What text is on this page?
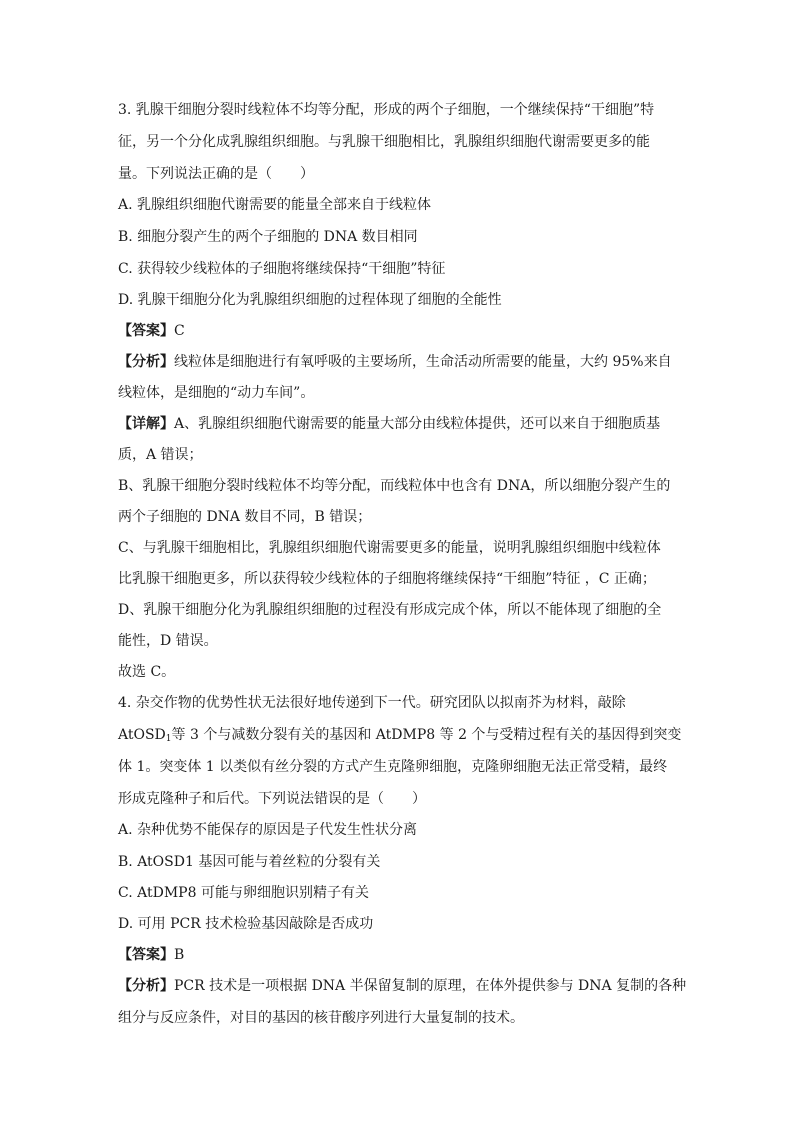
3. 乳腺干细胞分裂时线粒体不均等分配，形成的两个子细胞，一个继续保持“干细胞”特
征，另一个分化成乳腺组织细胞。与乳腺干细胞相比，乳腺组织细胞代谢需要更多的能
量。下列说法正确的是（　　）
A. 乳腺组织细胞代谢需要的能量全部来自于线粒体
B. 细胞分裂产生的两个子细胞的 DNA 数目相同
C. 获得较少线粒体的子细胞将继续保持“干细胞”特征
D. 乳腺干细胞分化为乳腺组织细胞的过程体现了细胞的全能性
【答案】C
【分析】线粒体是细胞进行有氧呼吸的主要场所，生命活动所需要的能量，大约 95%来自
线粒体，是细胞的“动力车间”。
【详解】A、乳腺组织细胞代谢需要的能量大部分由线粒体提供，还可以来自于细胞质基
质，A 错误；
B、乳腺干细胞分裂时线粒体不均等分配，而线粒体中也含有 DNA，所以细胞分裂产生的
两个子细胞的 DNA 数目不同，B 错误；
C、与乳腺干细胞相比，乳腺组织细胞代谢需要更多的能量，说明乳腺组织细胞中线粒体
比乳腺干细胞更多，所以获得较少线粒体的子细胞将继续保持“干细胞”特征 ，C 正确；
D、乳腺干细胞分化为乳腺组织细胞的过程没有形成完成个体，所以不能体现了细胞的全
能性，D 错误。
故选 C。
4. 杂交作物的优势性状无法很好地传递到下一代。研究团队以拟南芥为材料，敲除
AtOSD$_1$等 3 个与减数分裂有关的基因和 AtDMP8 等 2 个与受精过程有关的基因得到突变
体 1。突变体 1 以类似有丝分裂的方式产生克隆卵细胞，克隆卵细胞无法正常受精，最终
形成克隆种子和后代。下列说法错误的是（　　）
A. 杂种优势不能保存的原因是子代发生性状分离
B. AtOSD1 基因可能与着丝粒的分裂有关
C. AtDMP8 可能与卵细胞识别精子有关
D. 可用 PCR 技术检验基因敲除是否成功
【答案】B
【分析】PCR 技术是一项根据 DNA 半保留复制的原理，在体外提供参与 DNA 复制的各种
组分与反应条件，对目的基因的核苷酸序列进行大量复制的技术。
